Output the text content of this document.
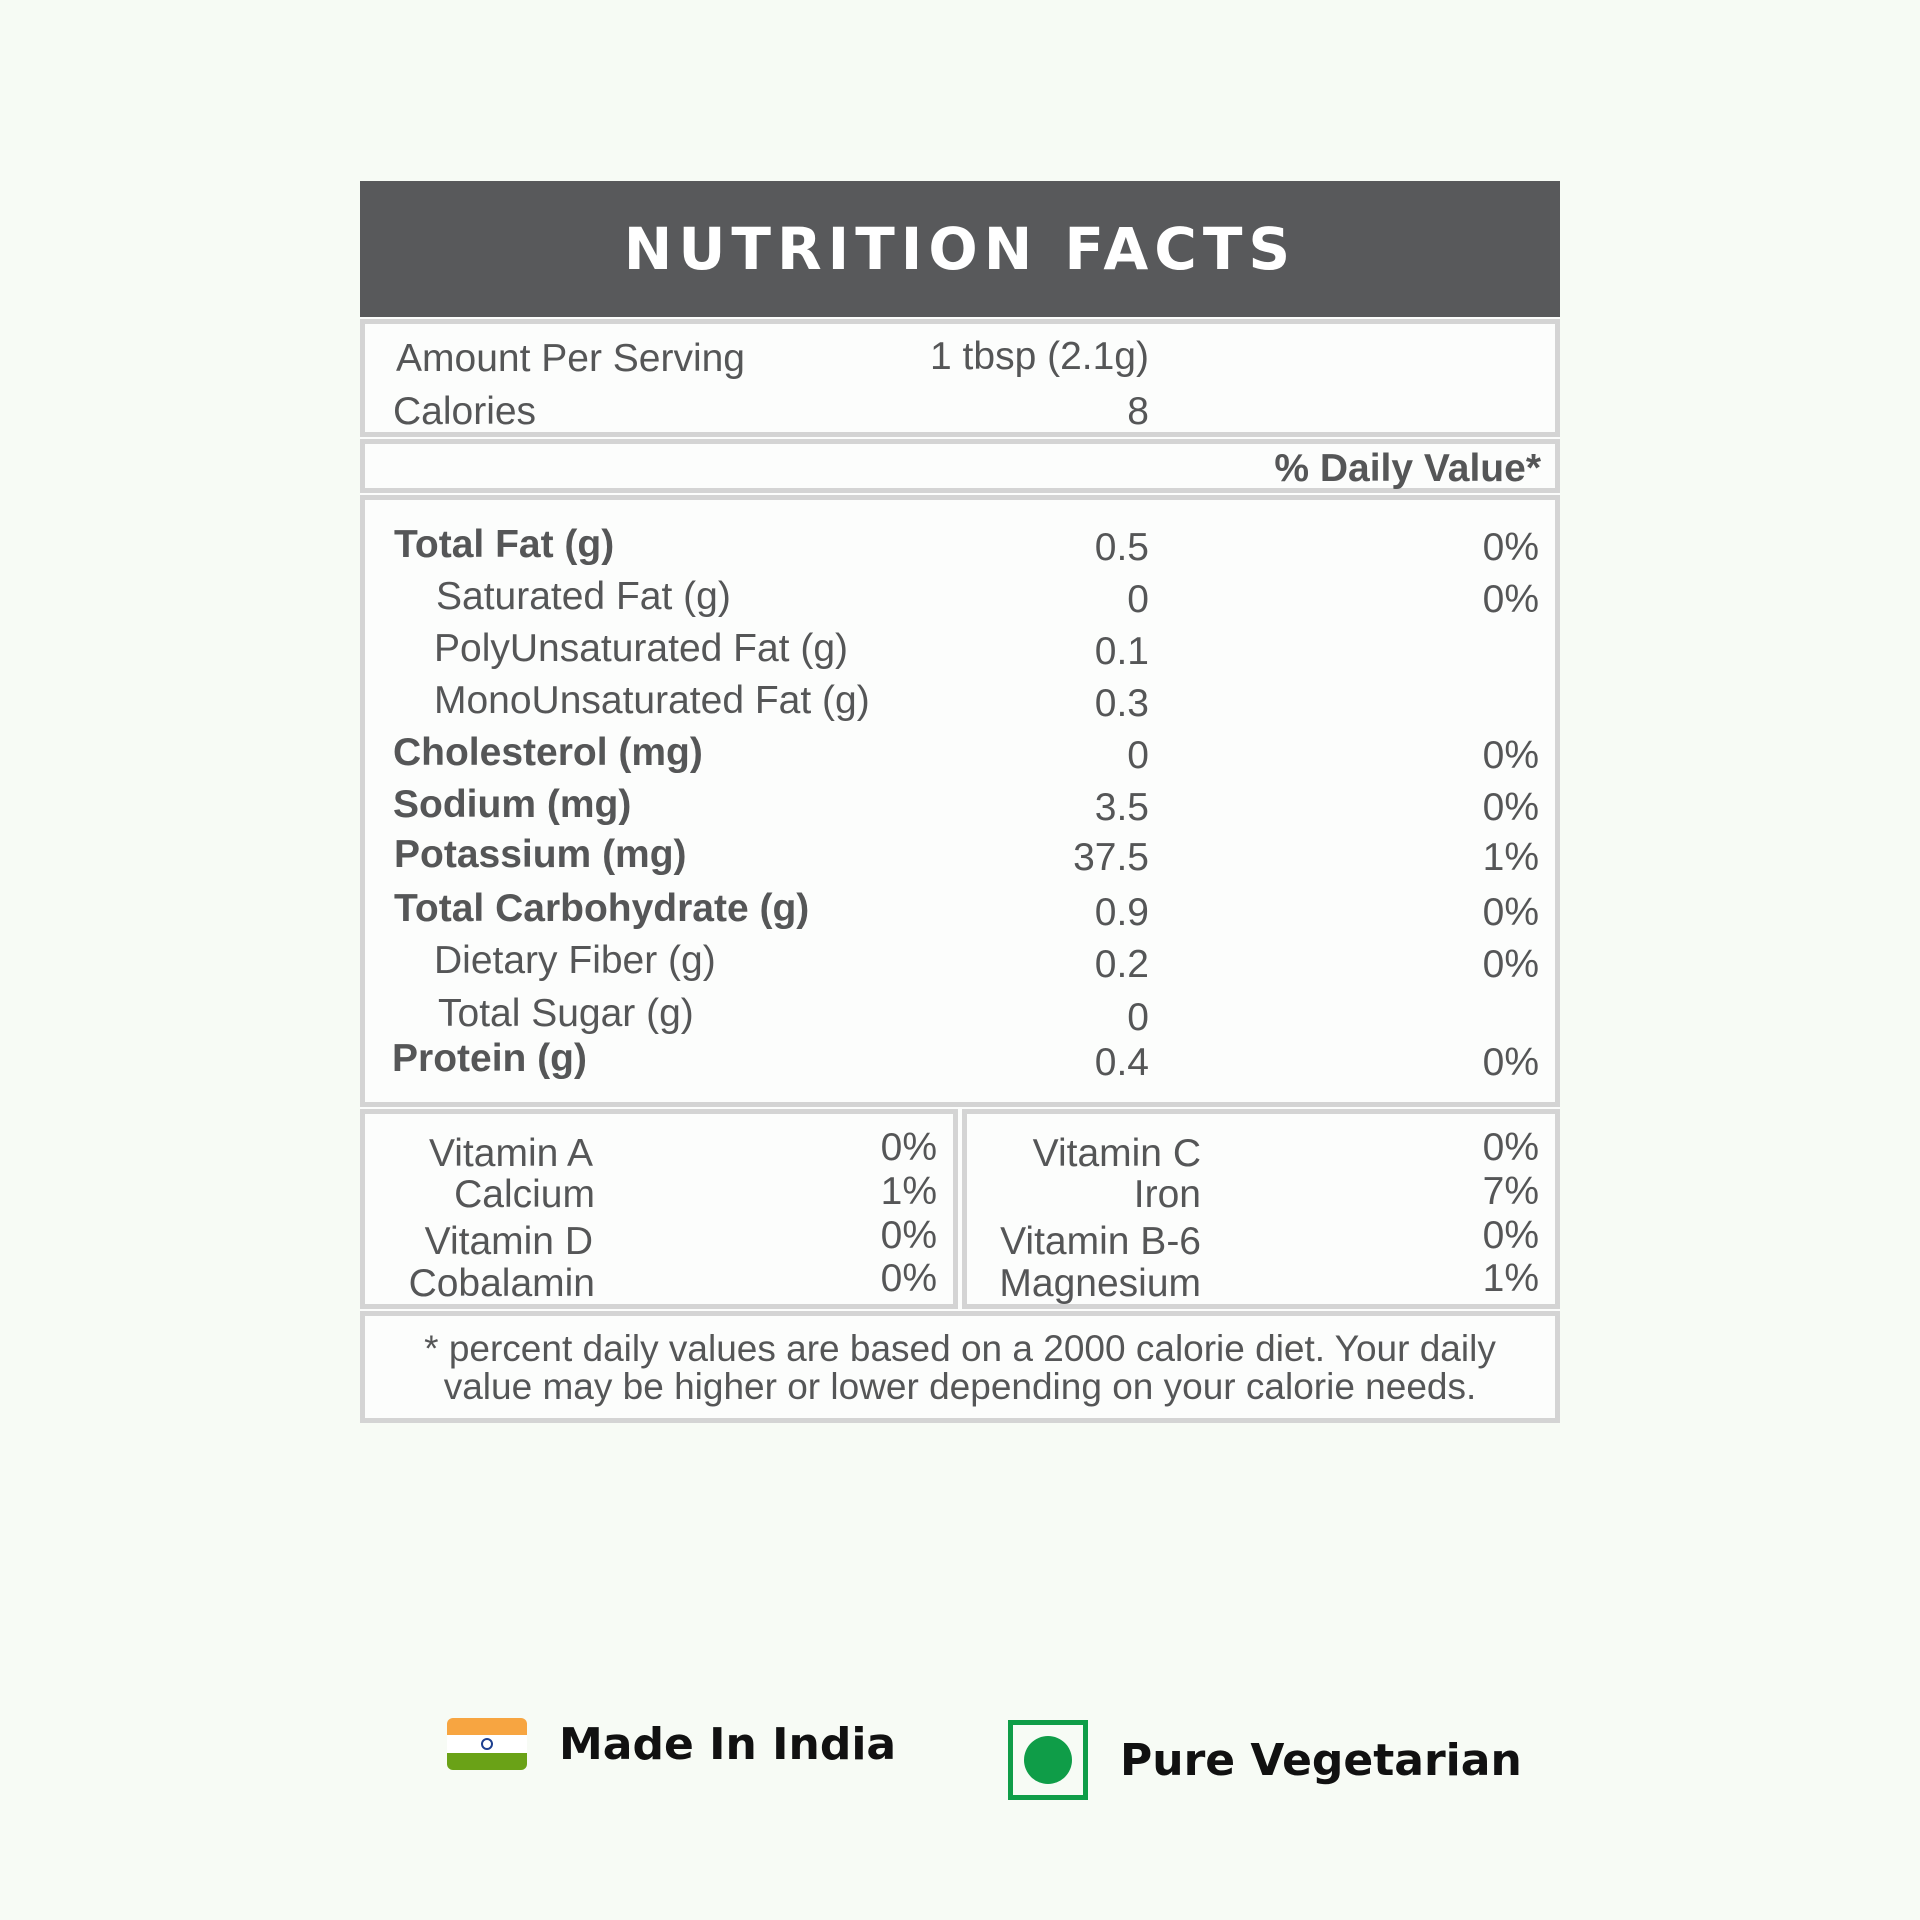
NUTRITION FACTS
Amount Per Serving	1 tbsp (2.1g)
Calories	8
% Daily Value*
Total Fat (g)	0.5	0%
Saturated Fat (g)	0	0%
PolyUnsaturated Fat (g)	0.1
MonoUnsaturated Fat (g)	0.3
Cholesterol (mg)	0	0%
Sodium (mg)	3.5	0%
Potassium (mg)	37.5	1%
Total Carbohydrate (g)	0.9	0%
Dietary Fiber (g)	0.2	0%
Total Sugar (g)	0
Protein (g)	0.4	0%
Vitamin A	0%
Calcium	1%
Vitamin D	0%
Cobalamin	0%
Vitamin C	0%
Iron	7%
Vitamin B-6	0%
Magnesium	1%
* percent daily values are based on a 2000 calorie diet. Your daily
value may be higher or lower depending on your calorie needs.
Made In India	Pure Vegetarian
